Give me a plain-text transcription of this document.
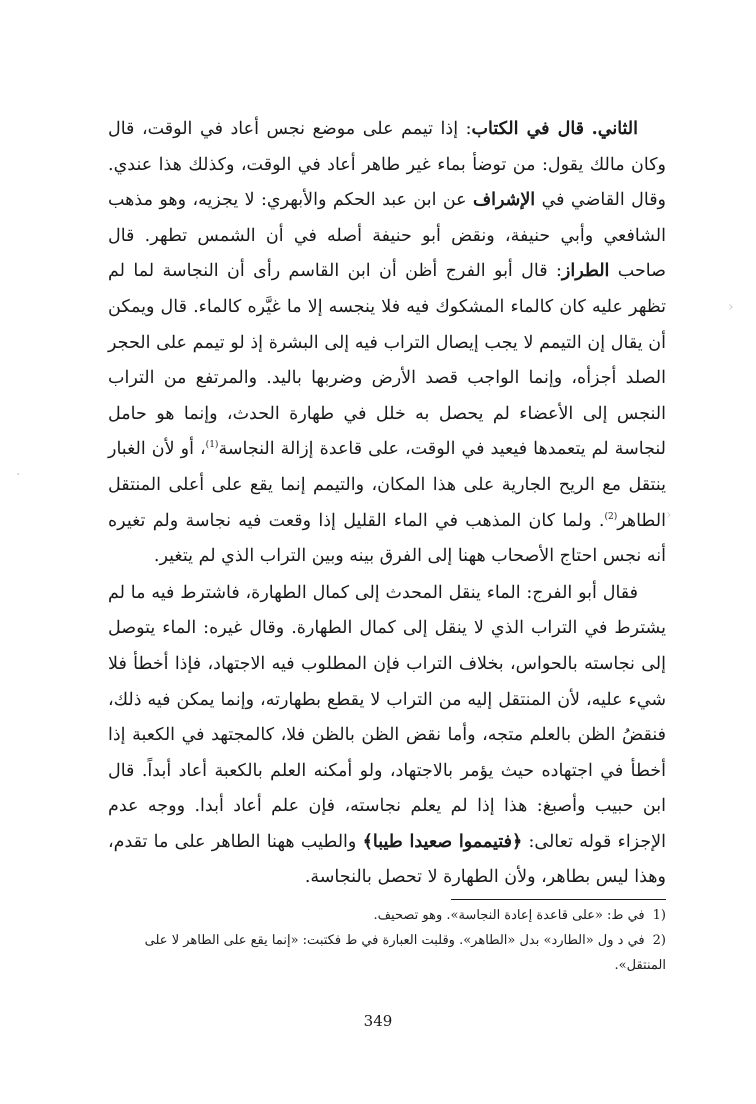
الثاني. قال في الكتاب: إذا تيمم على موضع نجس أعاد في الوقت، قال وكان مالك يقول: من توضأ بماء غير طاهر أعاد في الوقت، وكذلك هذا عندي. وقال القاضي في الإشراف عن ابن عبد الحكم والأبهري: لا يجزيه، وهو مذهب الشافعي وأبي حنيفة، ونقض أبو حنيفة أصله في أن الشمس تطهر. قال صاحب الطراز: قال أبو الفرج أظن أن ابن القاسم رأى أن النجاسة لما لم تظهر عليه كان كالماء المشكوك فيه فلا ينجسه إلا ما غيَّره كالماء. قال ويمكن أن يقال إن التيمم لا يجب إيصال التراب فيه إلى البشرة إذ لو تيمم على الحجر الصلد أجزأه، وإنما الواجب قصد الأرض وضربها باليد. والمرتفع من التراب النجس إلى الأعضاء لم يحصل به خلل في طهارة الحدث، وإنما هو حامل لنجاسة لم يتعمدها فيعيد في الوقت، على قاعدة إزالة النجاسة$^{(1)}$، أو لأن الغبار ينتقل مع الريح الجارية على هذا المكان، والتيمم إنما يقع على أعلى المنتقل الطاهر$^{(2)}$. ولما كان المذهب في الماء القليل إذا وقعت فيه نجاسة ولم تغيره أنه نجس احتاج الأصحاب ههنا إلى الفرق بينه وبين التراب الذي لم يتغير.

فقال أبو الفرج: الماء ينقل المحدث إلى كمال الطهارة، فاشترط فيه ما لم يشترط في التراب الذي لا ينقل إلى كمال الطهارة. وقال غيره: الماء يتوصل إلى نجاسته بالحواس، بخلاف التراب فإن المطلوب فيه الاجتهاد، فإذا أخطأ فلا شيء عليه، لأن المنتقل إليه من التراب لا يقطع بطهارته، وإنما يمكن فيه ذلك، فنقضُ الظن بالعلم متجه، وأما نقض الظن بالظن فلا، كالمجتهد في الكعبة إذا أخطأ في اجتهاده حيث يؤمر بالاجتهاد، ولو أمكنه العلم بالكعبة أعاد أبداً. قال ابن حبيب وأصبغ: هذا إذا لم يعلم نجاسته، فإن علم أعاد أبدا. ووجه عدم الإجزاء قوله تعالى: ﴿فتيمموا صعيدا طيبا﴾ والطيب ههنا الطاهر على ما تقدم، وهذا ليس بطاهر، ولأن الطهارة لا تحصل بالنجاسة.

(1في ط: «على قاعدة إعادة النجاسة». وهو تصحيف.

(2في د ول «الطارد» بدل «الطاهر». وقلبت العبارة في ط فكتبت: «إنما يقع على الطاهر لا على المنتقل».

349
‹
‹
·
